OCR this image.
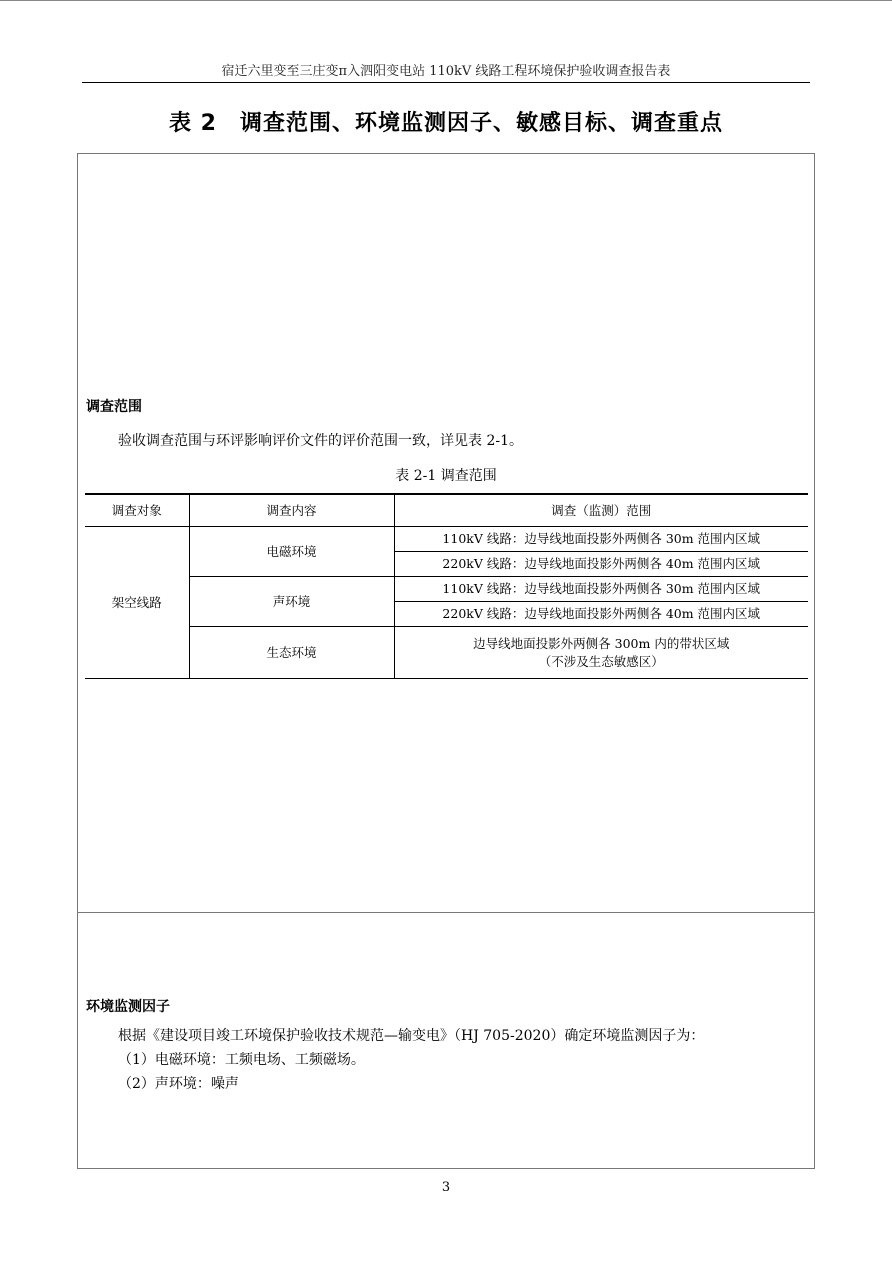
宿迁六里变至三庄变π入泗阳变电站 110kV 线路工程环境保护验收调查报告表
表 2　调查范围、环境监测因子、敏感目标、调查重点
调查范围
验收调查范围与环评影响评价文件的评价范围一致，详见表 2-1。
表 2-1 调查范围
调查对象	调查内容	调查（监测）范围
架空线路	电磁环境	110kV 线路：边导线地面投影外两侧各 30m 范围内区域
		220kV 线路：边导线地面投影外两侧各 40m 范围内区域
	声环境	110kV 线路：边导线地面投影外两侧各 30m 范围内区域
		220kV 线路：边导线地面投影外两侧各 40m 范围内区域
	生态环境	边导线地面投影外两侧各 300m 内的带状区域
（不涉及生态敏感区）
环境监测因子
根据《建设项目竣工环境保护验收技术规范—输变电》（HJ 705-2020）确定环境监测因子为：
（1）电磁环境：工频电场、工频磁场。
（2）声环境：噪声
3
